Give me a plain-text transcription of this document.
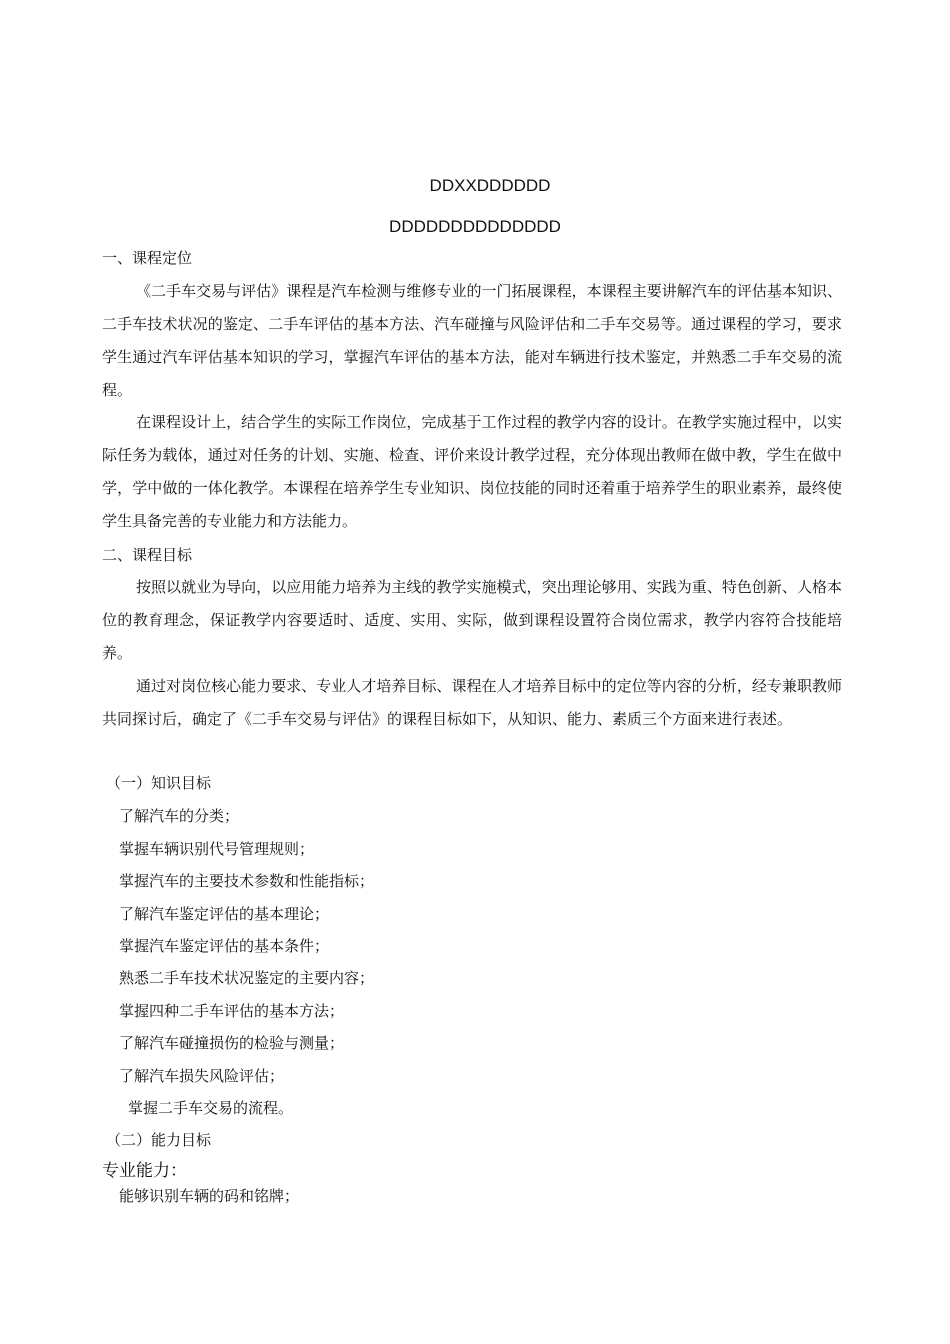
DDXXDDDDDD
DDDDDDDDDDDDDD
一、课程定位
《二手车交易与评估》课程是汽车检测与维修专业的一门拓展课程，本课程主要讲解汽车的评估基本知识、二手车技术状况的鉴定、二手车评估的基本方法、汽车碰撞与风险评估和二手车交易等。通过课程的学习，要求学生通过汽车评估基本知识的学习，掌握汽车评估的基本方法，能对车辆进行技术鉴定，并熟悉二手车交易的流程。
在课程设计上，结合学生的实际工作岗位，完成基于工作过程的教学内容的设计。在教学实施过程中，以实际任务为载体，通过对任务的计划、实施、检查、评价来设计教学过程，充分体现出教师在做中教，学生在做中学，学中做的一体化教学。本课程在培养学生专业知识、岗位技能的同时还着重于培养学生的职业素养，最终使学生具备完善的专业能力和方法能力。
二、课程目标
按照以就业为导向，以应用能力培养为主线的教学实施模式，突出理论够用、实践为重、特色创新、人格本位的教育理念，保证教学内容要适时、适度、实用、实际，做到课程设置符合岗位需求，教学内容符合技能培养。
通过对岗位核心能力要求、专业人才培养目标、课程在人才培养目标中的定位等内容的分析，经专兼职教师共同探讨后，确定了《二手车交易与评估》的课程目标如下，从知识、能力、素质三个方面来进行表述。
（一）知识目标
了解汽车的分类；
掌握车辆识别代号管理规则；
掌握汽车的主要技术参数和性能指标；
了解汽车鉴定评估的基本理论；
掌握汽车鉴定评估的基本条件；
熟悉二手车技术状况鉴定的主要内容；
掌握四种二手车评估的基本方法；
了解汽车碰撞损伤的检验与测量；
了解汽车损失风险评估；
掌握二手车交易的流程。
（二）能力目标
专业能力：
能够识别车辆的码和铭牌；
